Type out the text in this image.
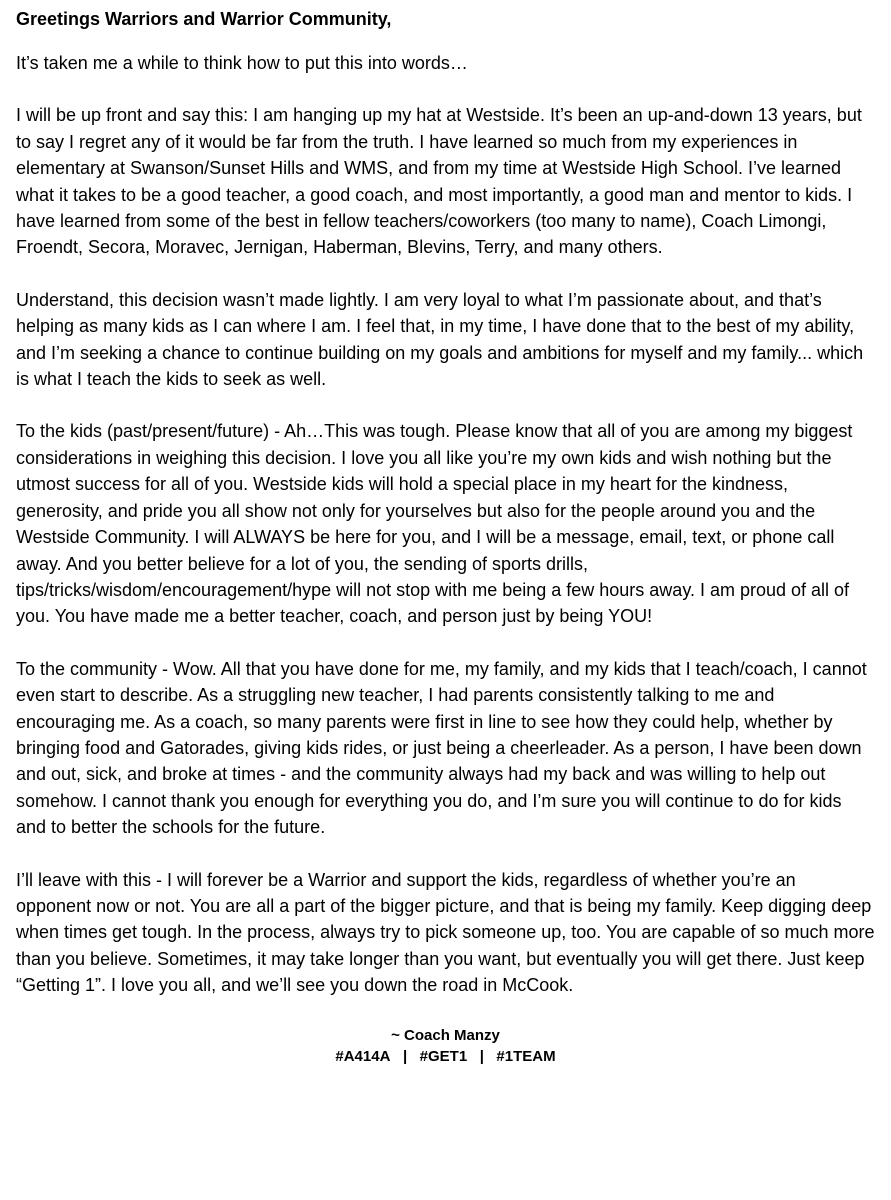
Greetings Warriors and Warrior Community,
It’s taken me a while to think how to put this into words…
I will be up front and say this: I am hanging up my hat at Westside. It’s been an up-and-down 13 years, but to say I regret any of it would be far from the truth. I have learned so much from my experiences in elementary at Swanson/Sunset Hills and WMS, and from my time at Westside High School. I’ve learned what it takes to be a good teacher, a good coach, and most importantly, a good man and mentor to kids. I have learned from some of the best in fellow teachers/coworkers (too many to name), Coach Limongi, Froendt, Secora, Moravec, Jernigan, Haberman, Blevins, Terry, and many others.
Understand, this decision wasn’t made lightly. I am very loyal to what I’m passionate about, and that’s helping as many kids as I can where I am. I feel that, in my time, I have done that to the best of my ability, and I’m seeking a chance to continue building on my goals and ambitions for myself and my family... which is what I teach the kids to seek as well.
To the kids (past/present/future) - Ah…This was tough. Please know that all of you are among my biggest considerations in weighing this decision. I love you all like you’re my own kids and wish nothing but the utmost success for all of you. Westside kids will hold a special place in my heart for the kindness, generosity, and pride you all show not only for yourselves but also for the people around you and the Westside Community. I will ALWAYS be here for you, and I will be a message, email, text, or phone call away. And you better believe for a lot of you, the sending of sports drills, tips/tricks/wisdom/encouragement/hype will not stop with me being a few hours away. I am proud of all of you. You have made me a better teacher, coach, and person just by being YOU!
To the community - Wow. All that you have done for me, my family, and my kids that I teach/coach, I cannot even start to describe. As a struggling new teacher, I had parents consistently talking to me and encouraging me. As a coach, so many parents were first in line to see how they could help, whether by bringing food and Gatorades, giving kids rides, or just being a cheerleader. As a person, I have been down and out, sick, and broke at times - and the community always had my back and was willing to help out somehow. I cannot thank you enough for everything you do, and I’m sure you will continue to do for kids and to better the schools for the future.
I’ll leave with this - I will forever be a Warrior and support the kids, regardless of whether you’re an opponent now or not. You are all a part of the bigger picture, and that is being my family. Keep digging deep when times get tough. In the process, always try to pick someone up, too. You are capable of so much more than you believe. Sometimes, it may take longer than you want, but eventually you will get there. Just keep “Getting 1”. I love you all, and we’ll see you down the road in McCook.
~ Coach Manzy
#A414A
|
#GET1
|
#1TEAM
